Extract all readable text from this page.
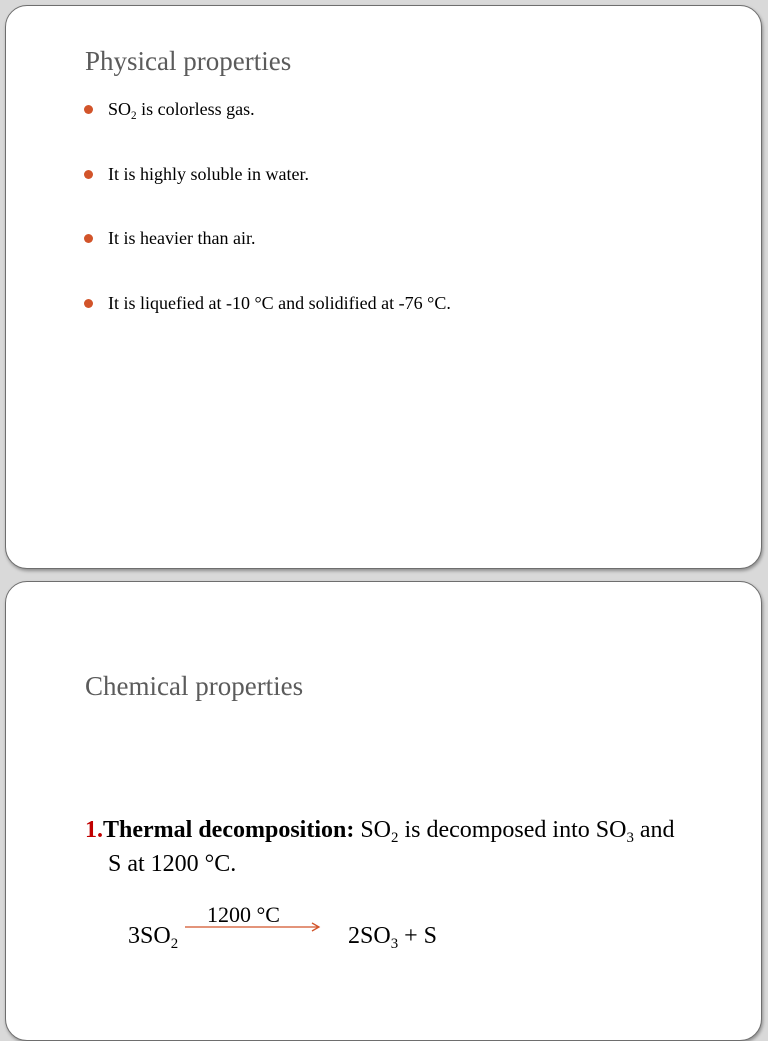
Physical properties
$SO_2$ is colorless gas.
It is highly soluble in water.
It is heavier than air.
It is liquefied at -10 °C and solidified at -76 °C.
Chemical properties
1.Thermal decomposition: $SO_2$ is decomposed into $SO_3$ and
S at 1200 °C.
$3SO_2$
1200 °C
$2SO_3 + S$
